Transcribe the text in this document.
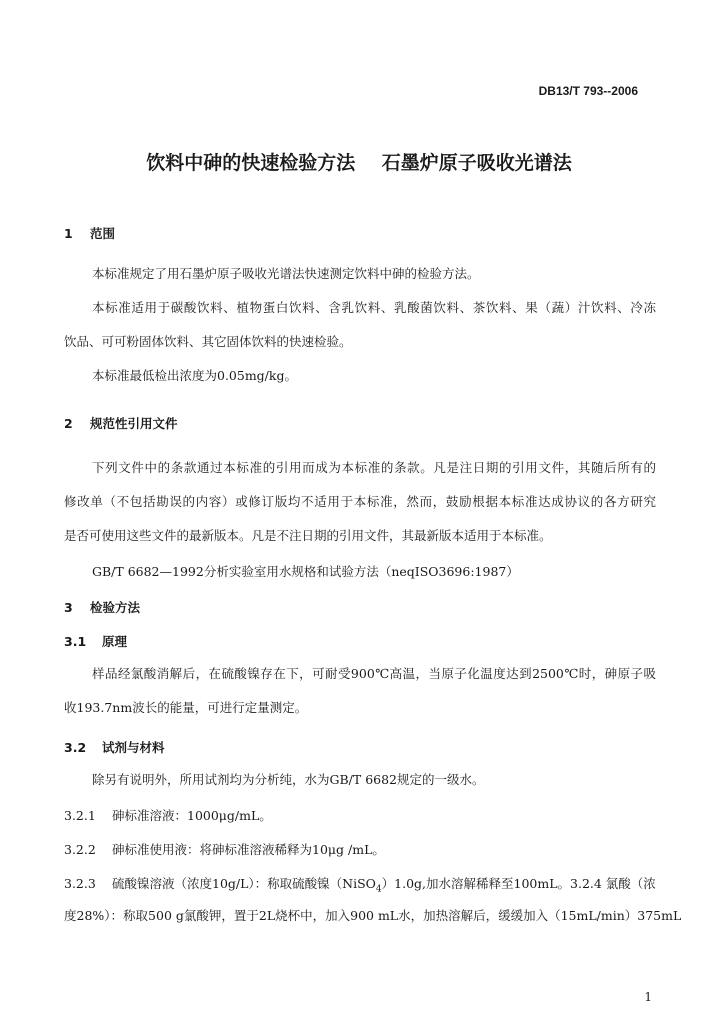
DB13/T 793--2006
饮料中砷的快速检验方法    石墨炉原子吸收光谱法
1 范围
本标准规定了用石墨炉原子吸收光谱法快速测定饮料中砷的检验方法。
本标准适用于碳酸饮料、植物蛋白饮料、含乳饮料、乳酸菌饮料、茶饮料、果（蔬）汁饮料、冷冻
饮品、可可粉固体饮料、其它固体饮料的快速检验。
本标准最低检出浓度为0.05mg/kg。
2 规范性引用文件
下列文件中的条款通过本标准的引用而成为本标准的条款。凡是注日期的引用文件，其随后所有的
修改单（不包括勘误的内容）或修订版均不适用于本标准，然而，鼓励根据本标准达成协议的各方研究
是否可使用这些文件的最新版本。凡是不注日期的引用文件，其最新版本适用于本标准。
GB/T 6682—1992分析实验室用水规格和试验方法（neqISO3696:1987）
3 检验方法
3.1 原理
样品经氯酸消解后，在硫酸镍存在下，可耐受900℃高温，当原子化温度达到2500℃时，砷原子吸
收193.7nm波长的能量，可进行定量测定。
3.2 试剂与材料
除另有说明外，所用试剂均为分析纯，水为GB/T 6682规定的一级水。
3.2.1 砷标准溶液：1000μg/mL。
3.2.2 砷标准使用液：将砷标准溶液稀释为10μg /mL。
3.2.3 硫酸镍溶液（浓度10g/L）：称取硫酸镍（NiSO$_4$）1.0g,加水溶解稀释至100mL。3.2.4 氯酸（浓
度28%）：称取500 g氯酸钾，置于2L烧杯中，加入900 mL水，加热溶解后，缓缓加入（15mL/min）375mL
1
